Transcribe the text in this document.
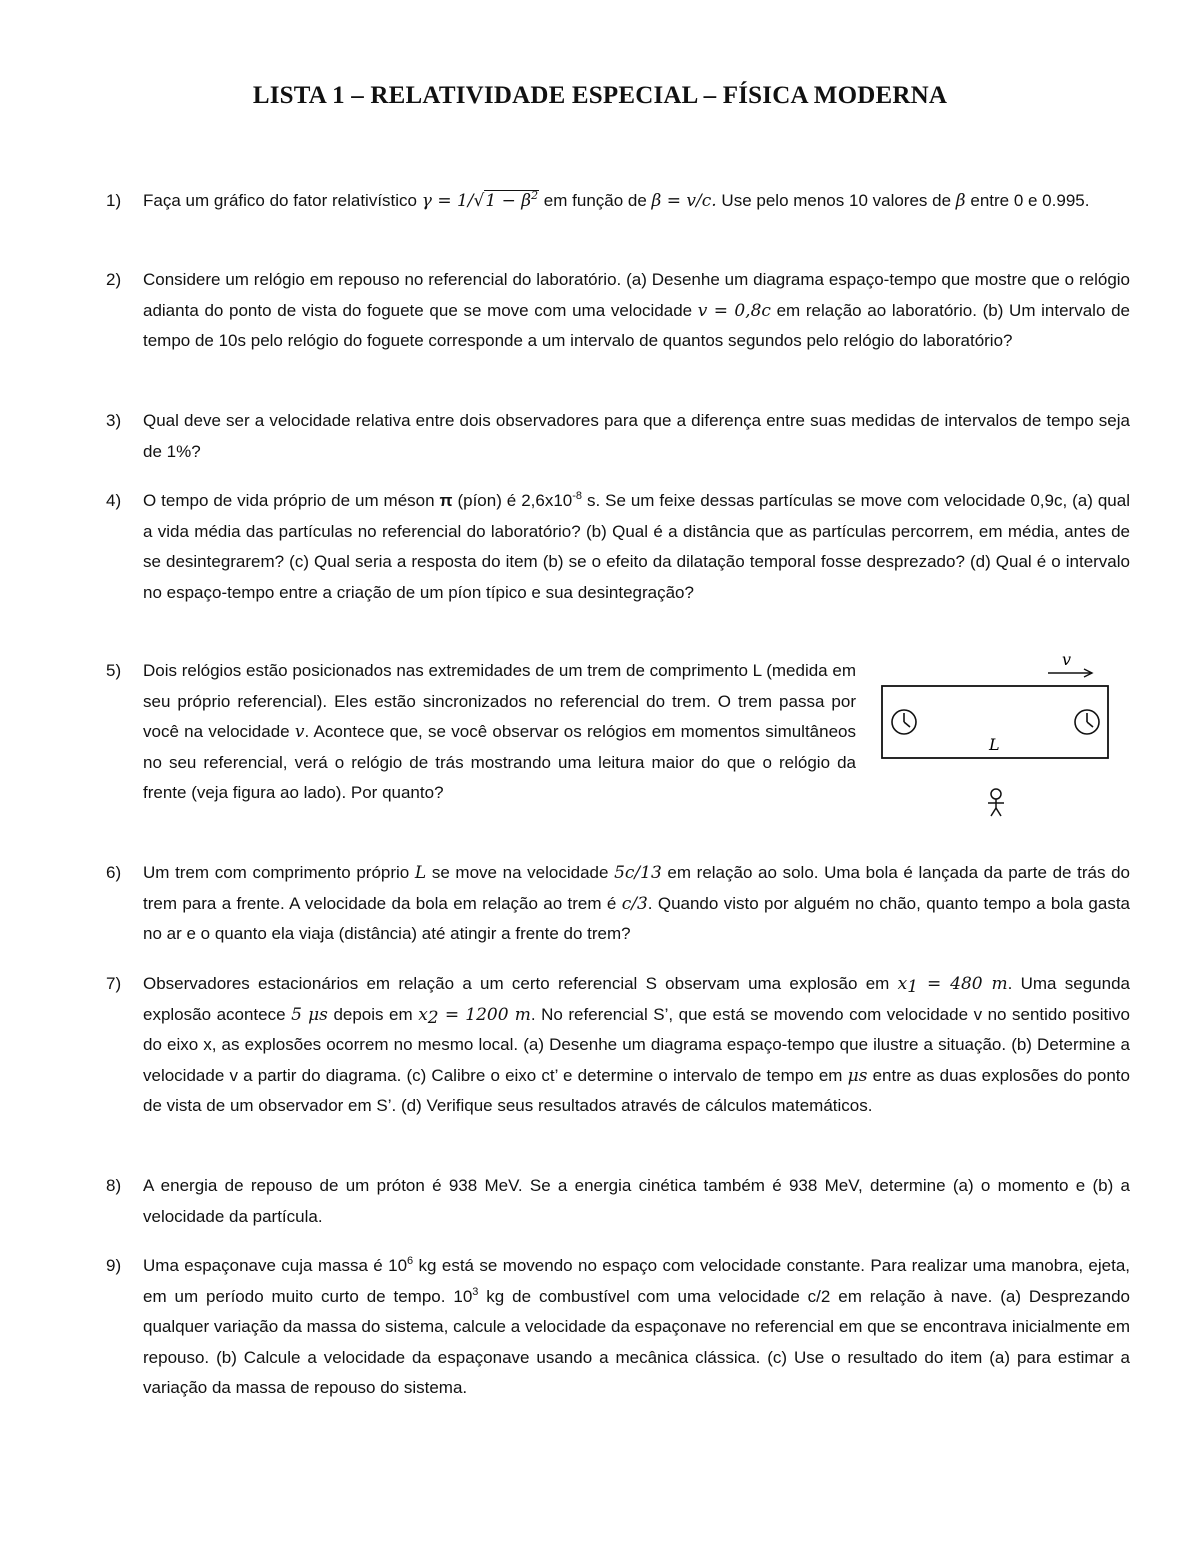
LISTA 1 – RELATIVIDADE ESPECIAL – FÍSICA MODERNA
1)	Faça um gráfico do fator relativístico $\gamma = 1/√1 - \beta^2$ em função de β = v/c. Use pelo menos 10 valores de β entre 0 e 0.995.
2)	Considere um relógio em repouso no referencial do laboratório. (a) Desenhe um diagrama espaço-tempo que mostre que o relógio adianta do ponto de vista do foguete que se move com uma velocidade v = 0,8c em relação ao laboratório. (b) Um intervalo de tempo de 10s pelo relógio do foguete corresponde a um intervalo de quantos segundos pelo relógio do laboratório?
3)	Qual deve ser a velocidade relativa entre dois observadores para que a diferença entre suas medidas de intervalos de tempo seja de 1%?
4)	O tempo de vida próprio de um méson π (píon) é $2,6x10^{-8}$ s. Se um feixe dessas partículas se move com velocidade 0,9c, (a) qual a vida média das partículas no referencial do laboratório? (b) Qual é a distância que as partículas percorrem, em média, antes de se desintegrarem? (c) Qual seria a resposta do item (b) se o efeito da dilatação temporal fosse desprezado? (d) Qual é o intervalo no espaço-tempo entre a criação de um píon típico e sua desintegração?
5)	Dois relógios estão posicionados nas extremidades de um trem de comprimento L (medida em seu próprio referencial). Eles estão sincronizados no referencial do trem. O trem passa por você na velocidade v. Acontece que, se você observar os relógios em momentos simultâneos no seu referencial, verá o relógio de trás mostrando uma leitura maior do que o relógio da frente (veja figura ao lado). Por quanto?
v
L
6)	Um trem com comprimento próprio L se move na velocidade 5c/13 em relação ao solo. Uma bola é lançada da parte de trás do trem para a frente. A velocidade da bola em relação ao trem é c/3. Quando visto por alguém no chão, quanto tempo a bola gasta no ar e o quanto ela viaja (distância) até atingir a frente do trem?
7)	Observadores estacionários em relação a um certo referencial S observam uma explosão em $x_1 = 480$ m. Uma segunda explosão acontece 5 μs depois em $x_2 = 1200$ m. No referencial S’, que está se movendo com velocidade v no sentido positivo do eixo x, as explosões ocorrem no mesmo local. (a) Desenhe um diagrama espaço-tempo que ilustre a situação. (b) Determine a velocidade v a partir do diagrama. (c) Calibre o eixo ct’ e determine o intervalo de tempo em μs entre as duas explosões do ponto de vista de um observador em S’. (d) Verifique seus resultados através de cálculos matemáticos.
8)	A energia de repouso de um próton é 938 MeV. Se a energia cinética também é 938 MeV, determine (a) o momento e (b) a velocidade da partícula.
9)	Uma espaçonave cuja massa é $10^6$ kg está se movendo no espaço com velocidade constante. Para realizar uma manobra, ejeta, em um período muito curto de tempo. $10^3$ kg de combustível com uma velocidade c/2 em relação à nave. (a) Desprezando qualquer variação da massa do sistema, calcule a velocidade da espaçonave no referencial em que se encontrava inicialmente em repouso. (b) Calcule a velocidade da espaçonave usando a mecânica clássica. (c) Use o resultado do item (a) para estimar a variação da massa de repouso do sistema.
